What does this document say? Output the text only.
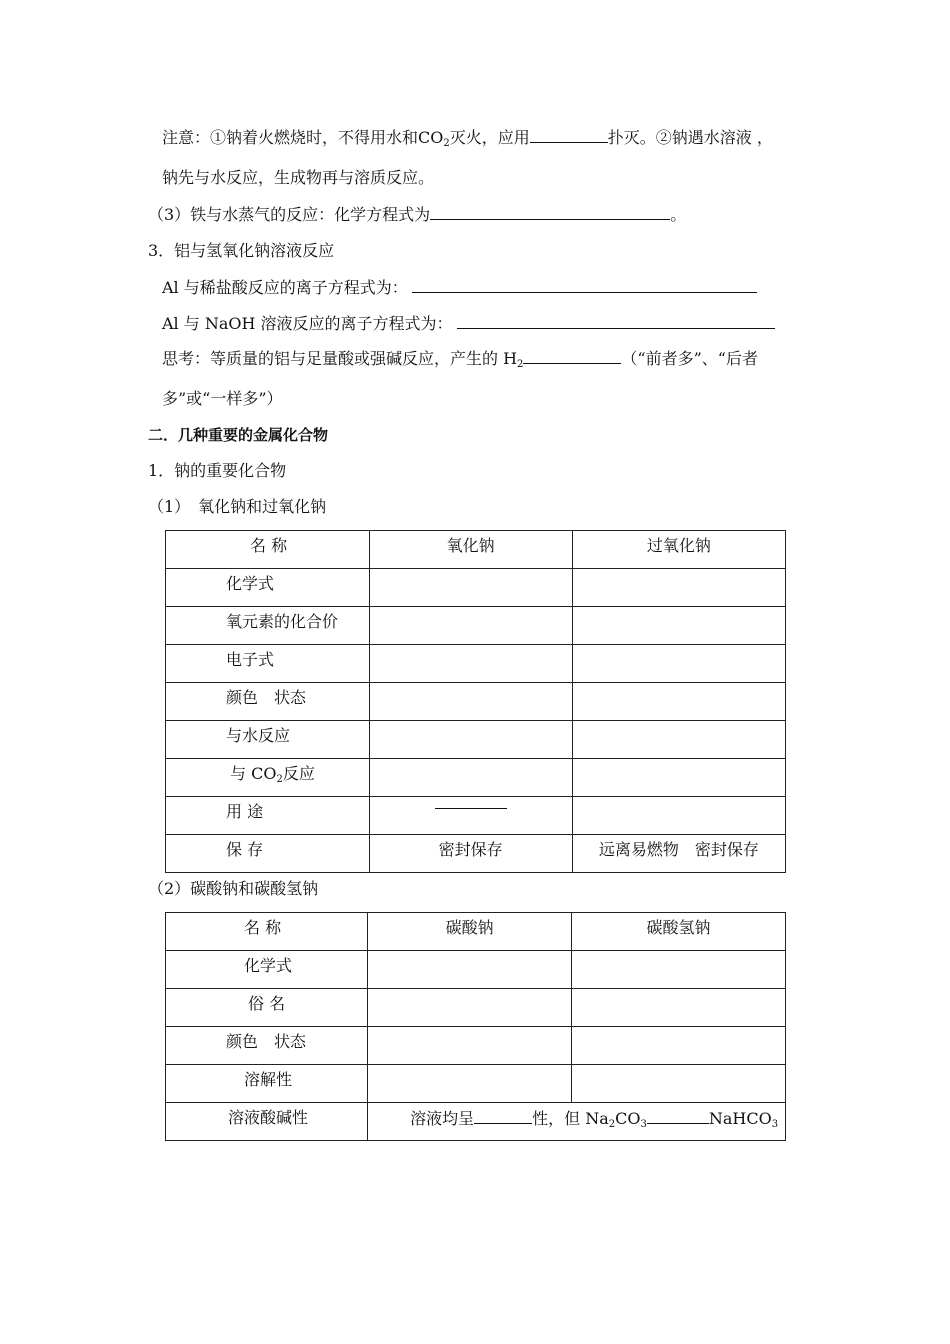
注意：①钠着火燃烧时，不得用水和$CO_2$灭火，应用	扑灭。②钠遇水溶液 ，
钠先与水反应，生成物再与溶质反应。
（3）铁与水蒸气的反应：化学方程式为	。
3．铝与氢氧化钠溶液反应
Al 与稀盐酸反应的离子方程式为：
Al 与 NaOH 溶液反应的离子方程式为：
思考：等质量的铝与足量酸或强碱反应，产生的 $H_2$	（“前者多”、“后者
多”或“一样多”）
二．几种重要的金属化合物
1．钠的重要化合物
（1）　氧化钠和过氧化钠
名 称	氧化钠	过氧化钠

化学式		

氧元素的化合价		

电子式		

颜色　状态		

与水反应		

与 $CO_2$反应		

用 途		

保 存	密封保存	远离易燃物　密封保存
（2）碳酸钠和碳酸氢钠
名 称	碳酸钠	碳酸氢钠

化学式		

俗 名		

颜色　状态		

溶解性		

溶液酸碱性	溶液均呈 性，但 $Na_2CO_3$ NaHCO$_3$
